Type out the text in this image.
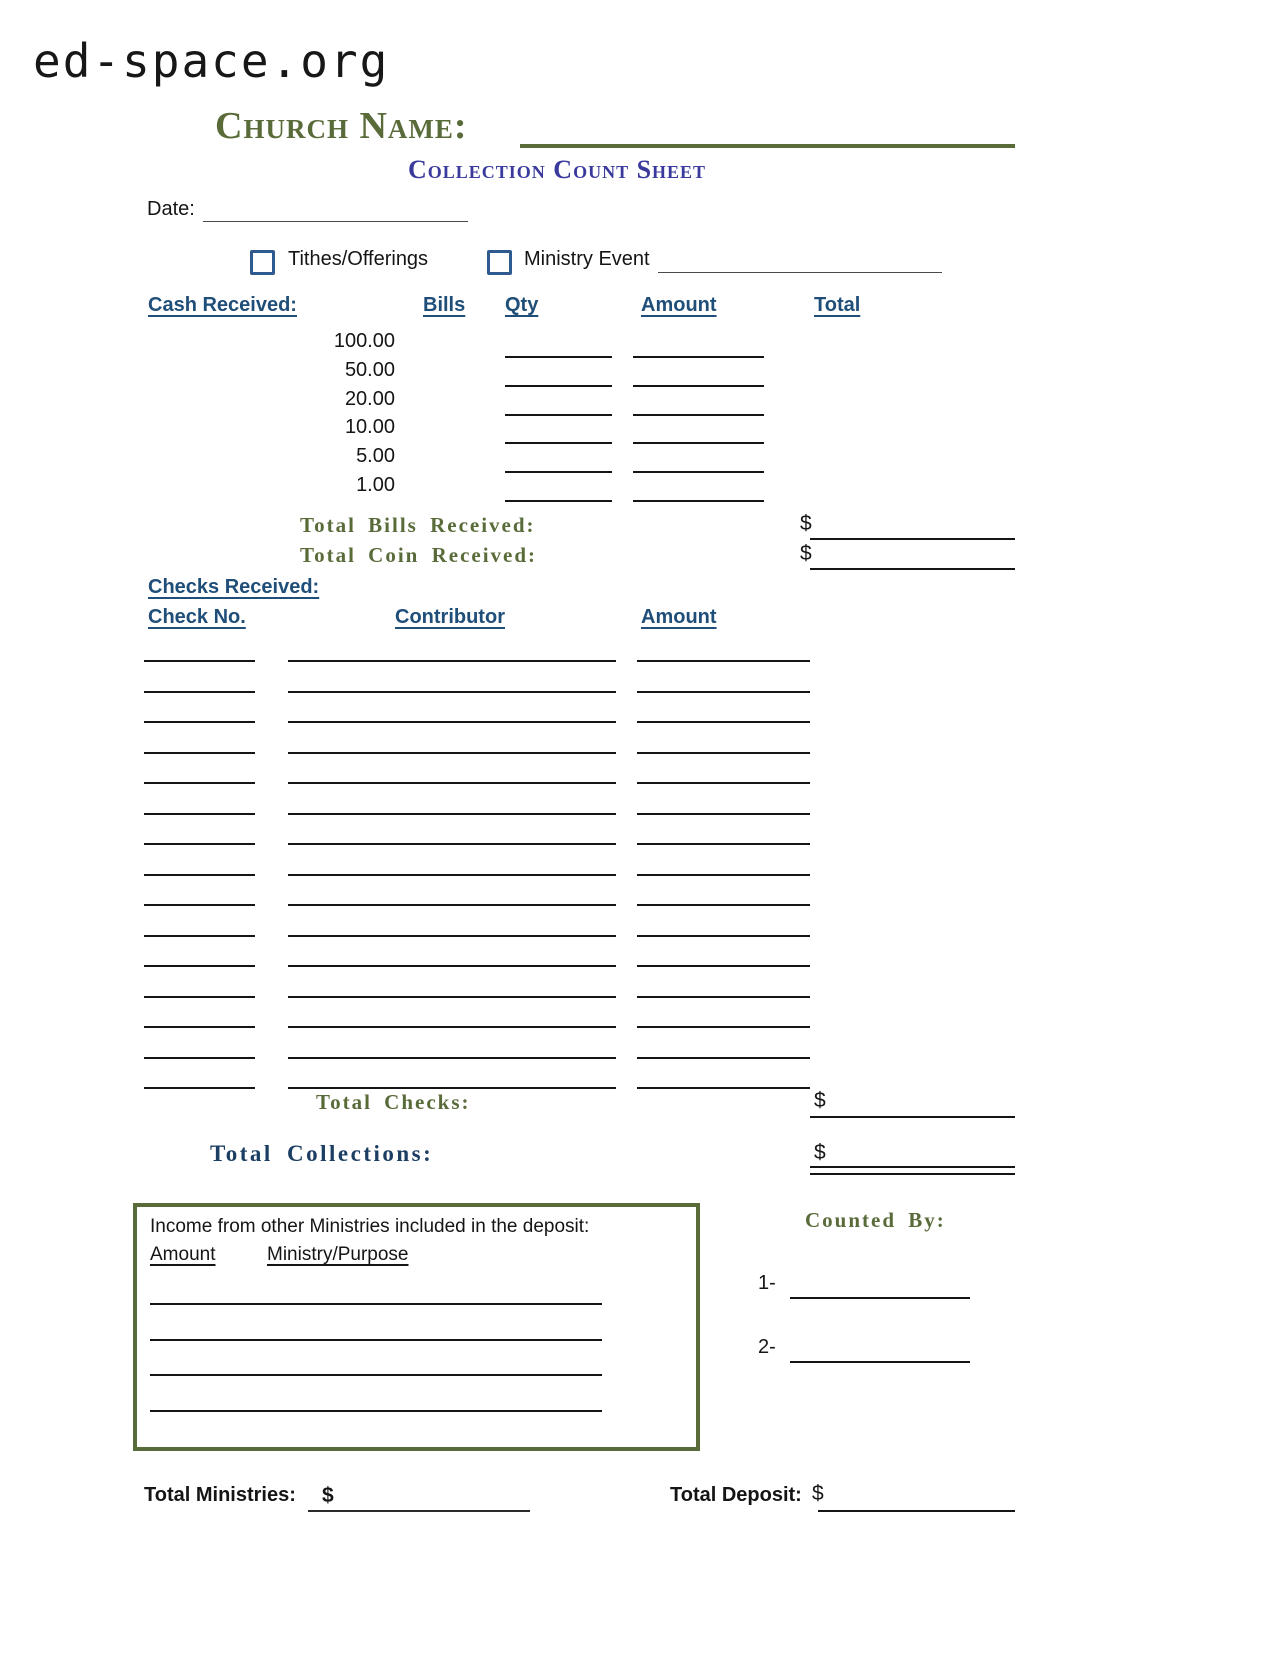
ed-space.org
Church Name:
Collection Count Sheet
Date:
Tithes/Offerings	Ministry Event
Cash Received:	Bills Qty	Amount	Total
100.00
50.00
20.00
10.00
5.00
1.00
Total Bills Received:	$
Total Coin Received:	$
Checks Received:
Check No.	Contributor	Amount
Total Checks:	$
Total Collections:	$
Income from other Ministries included in the deposit:
Amount	Ministry/Purpose
Counted By:
1-
2-
Total Ministries: $	Total Deposit: $
